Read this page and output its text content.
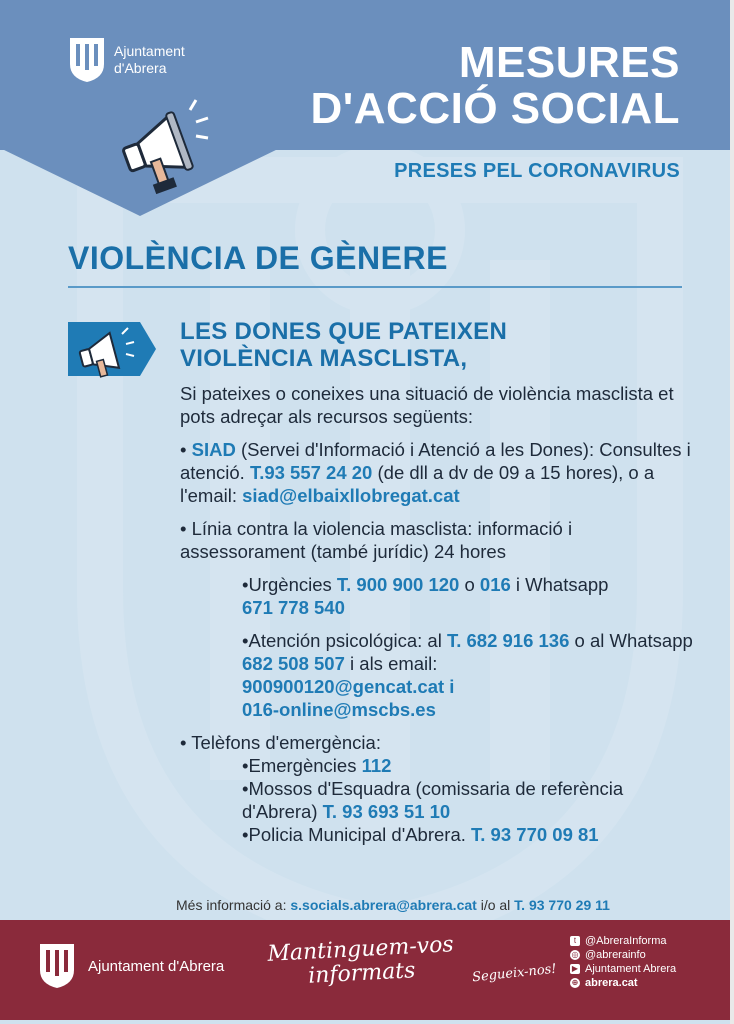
Ajuntament
d'Abrera	MESURES
D'ACCIÓ SOCIAL
PRESES PEL CORONAVIRUS
VIOLÈNCIA DE GÈNERE
LES DONES QUE PATEIXEN
VIOLÈNCIA MASCLISTA,

Si pateixes o coneixes una situació de violència masclista et pots adreçar als recursos següents:

• SIAD (Servei d'Informació i Atenció a les Dones): Consultes i atenció. T.93 557 24 20 (de dll a dv de 09 a 15 hores), o a l'email: siad@elbaixllobregat.cat

• Línia contra la violencia masclista: informació i assessorament (també jurídic) 24 hores

•Urgències T. 900 900 120 o 016 i Whatsapp
671 778 540

•Atención psicológica: al T. 682 916 136 o al Whatsapp 682 508 507 i als email:
900900120@gencat.cat i
016-online@mscbs.es

• Telèfons d'emergència:

•Emergències 112

•Mossos d'Esquadra (comissaria de referència d'Abrera) T. 93 693 51 10

•Policia Municipal d'Abrera. T. 93 770 09 81

Més informació a: s.socials.abrera@abrera.cat i/o al T. 93 770 29 11
Ajuntament d'Abrera Mantinguem-vos
informats	Segueix-nos!
t @AbreraInforma
◎ @abrerainfo
▶ Ajuntament Abrera
⊕ abrera.cat
